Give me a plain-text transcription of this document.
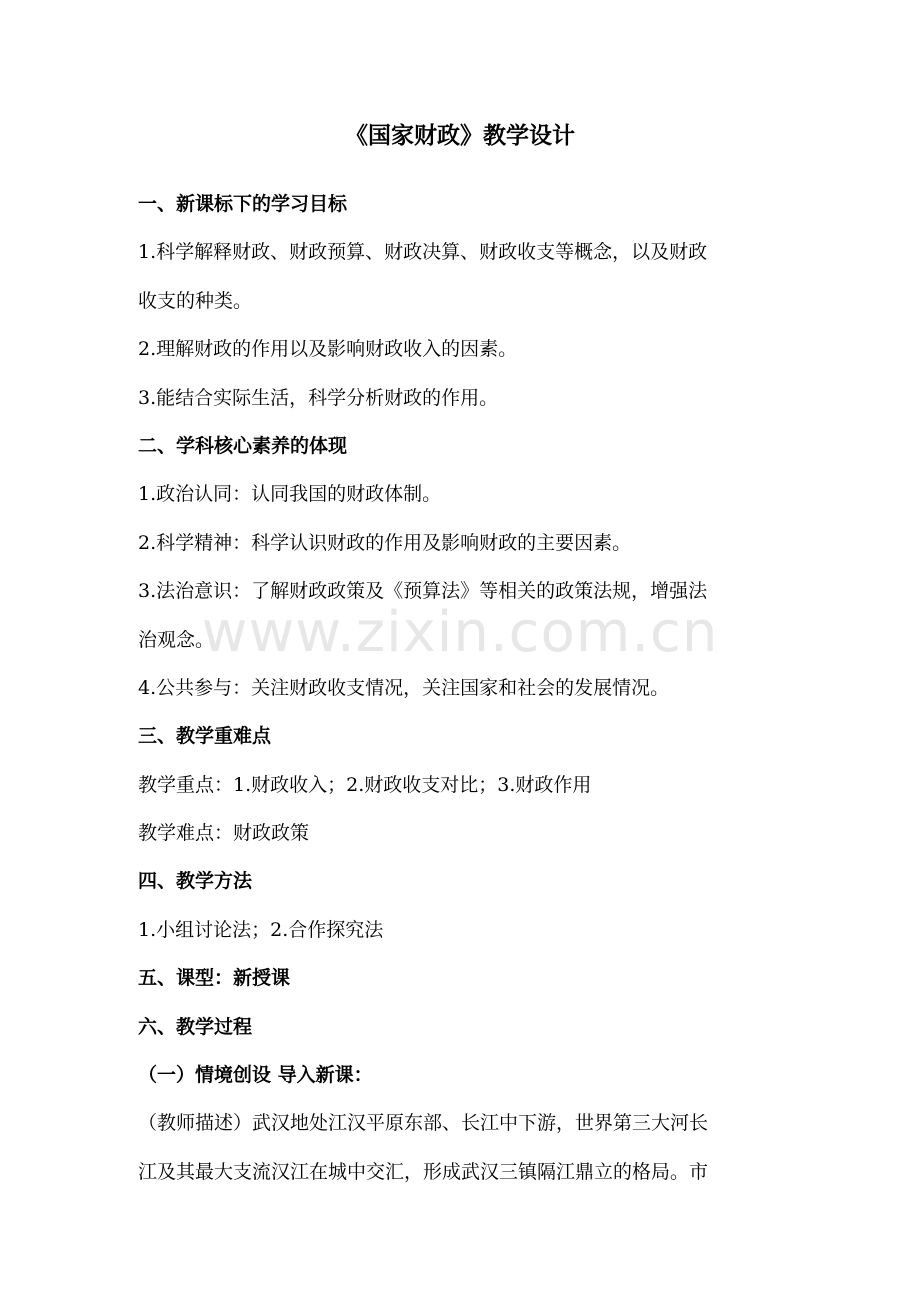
《国家财政》教学设计
一、新课标下的学习目标
1.科学解释财政、财政预算、财政决算、财政收支等概念，以及财政
收支的种类。
2.理解财政的作用以及影响财政收入的因素。
3.能结合实际生活，科学分析财政的作用。
二、学科核心素养的体现
1.政治认同：认同我国的财政体制。
2.科学精神：科学认识财政的作用及影响财政的主要因素。
3.法治意识：了解财政政策及《预算法》等相关的政策法规，增强法
治观念。
4.公共参与：关注财政收支情况，关注国家和社会的发展情况。
三、教学重难点
教学重点：1.财政收入；2.财政收支对比；3.财政作用
教学难点：财政政策
四、教学方法
1.小组讨论法；2.合作探究法
五、课型：新授课
六、教学过程
（一）情境创设 导入新课：
（教师描述）武汉地处江汉平原东部、长江中下游，世界第三大河长
江及其最大支流汉江在城中交汇，形成武汉三镇隔江鼎立的格局。市
www.zixin.com.cn
